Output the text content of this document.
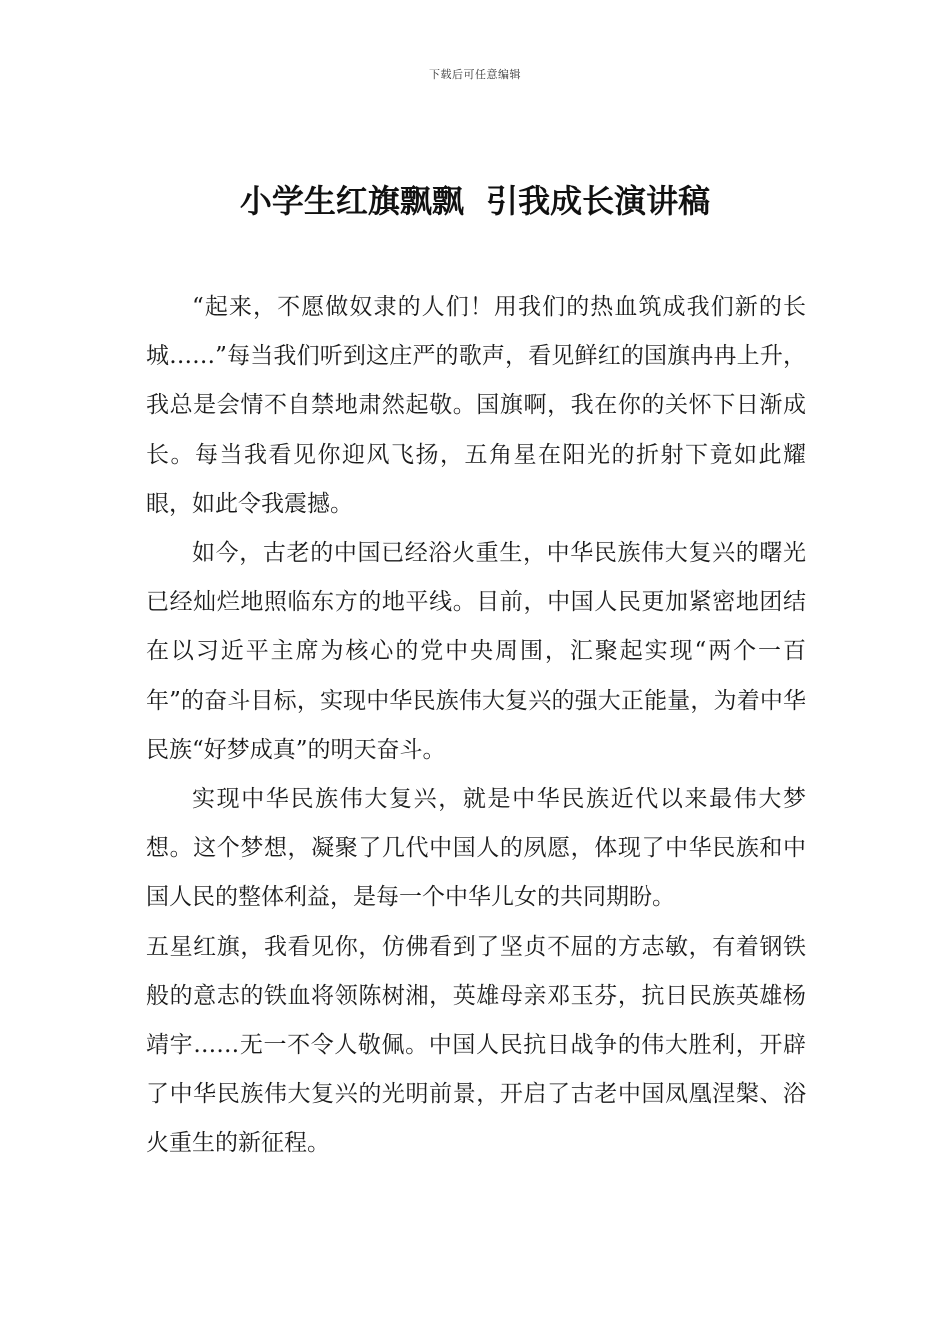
下载后可任意编辑
小学生红旗飘飘  引我成长演讲稿

“起来，不愿做奴隶的人们！用我们的热血筑成我们新的长城……”每当我们听到这庄严的歌声，看见鲜红的国旗冉冉上升，我总是会情不自禁地肃然起敬。国旗啊，我在你的关怀下日渐成长。每当我看见你迎风飞扬，五角星在阳光的折射下竟如此耀眼，如此令我震撼。

如今，古老的中国已经浴火重生，中华民族伟大复兴的曙光已经灿烂地照临东方的地平线。目前，中国人民更加紧密地团结在以习近平主席为核心的党中央周围，汇聚起实现“两个一百年”的奋斗目标，实现中华民族伟大复兴的强大正能量，为着中华民族“好梦成真”的明天奋斗。

实现中华民族伟大复兴，就是中华民族近代以来最伟大梦想。这个梦想，凝聚了几代中国人的夙愿，体现了中华民族和中国人民的整体利益，是每一个中华儿女的共同期盼。

五星红旗，我看见你，仿佛看到了坚贞不屈的方志敏，有着钢铁般的意志的铁血将领陈树湘，英雄母亲邓玉芬，抗日民族英雄杨靖宇……无一不令人敬佩。中国人民抗日战争的伟大胜利，开辟了中华民族伟大复兴的光明前景，开启了古老中国凤凰涅槃、浴火重生的新征程。
